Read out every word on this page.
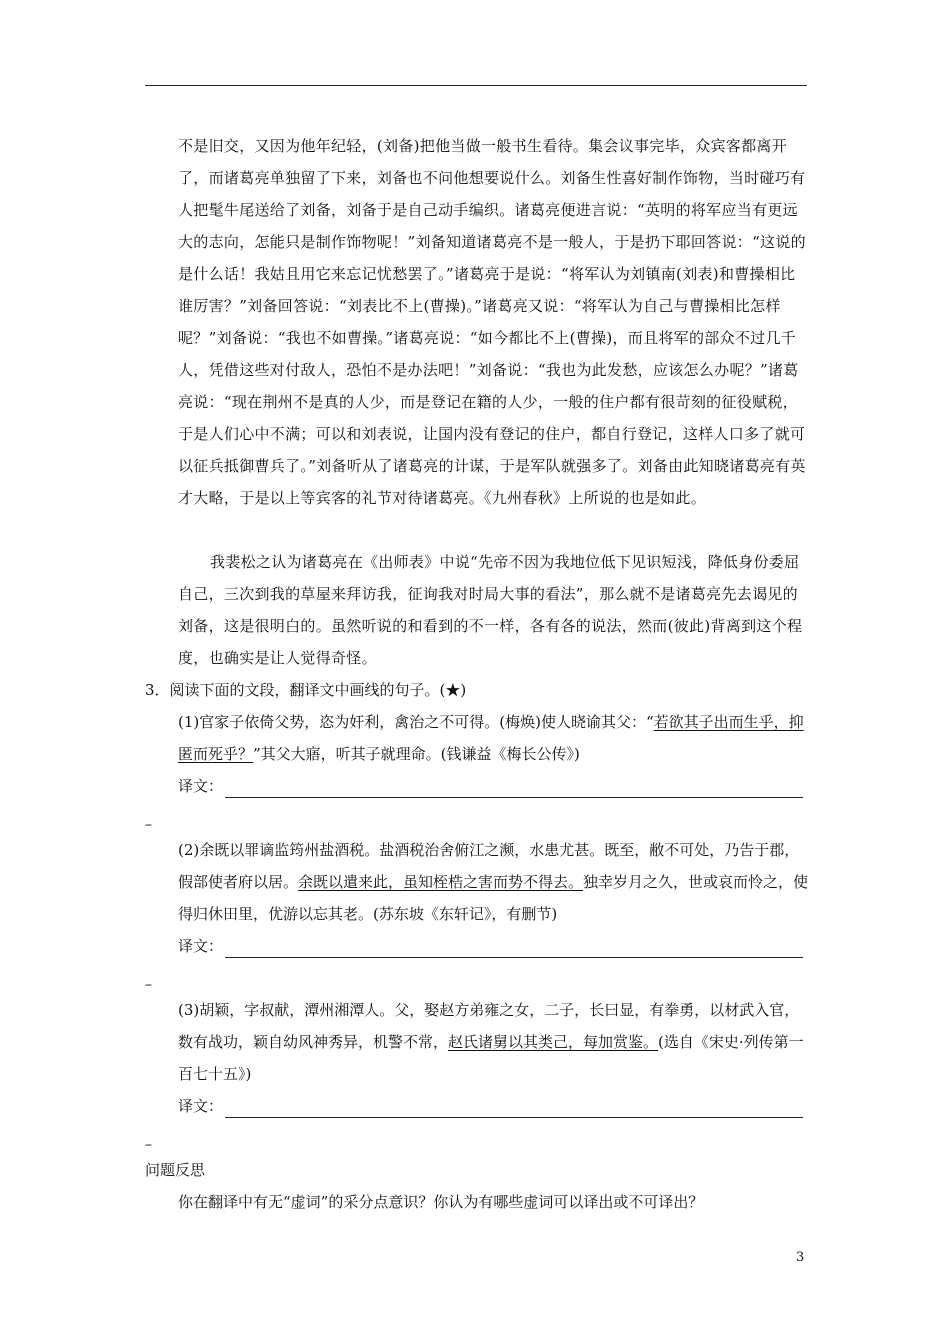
不是旧交，又因为他年纪轻，(刘备)把他当做一般书生看待。集会议事完毕，众宾客都离开了，而诸葛亮单独留了下来，刘备也不问他想要说什么。刘备生性喜好制作饰物，当时碰巧有人把髦牛尾送给了刘备，刘备于是自己动手编织。诸葛亮便进言说：“英明的将军应当有更远大的志向，怎能只是制作饰物呢！”刘备知道诸葛亮不是一般人，于是扔下耶回答说：“这说的是什么话！我姑且用它来忘记忧愁罢了。”诸葛亮于是说：“将军认为刘镇南(刘表)和曹操相比谁厉害？”刘备回答说：“刘表比不上(曹操)。”诸葛亮又说：“将军认为自己与曹操相比怎样呢？”刘备说：“我也不如曹操。”诸葛亮说：“如今都比不上(曹操)，而且将军的部众不过几千人，凭借这些对付敌人，恐怕不是办法吧！”刘备说：“我也为此发愁，应该怎么办呢？”诸葛亮说：“现在荆州不是真的人少，而是登记在籍的人少，一般的住户都有很苛刻的征役赋税，于是人们心中不满；可以和刘表说，让国内没有登记的住户，都自行登记，这样人口多了就可以征兵抵御曹兵了。”刘备听从了诸葛亮的计谋，于是军队就强多了。刘备由此知晓诸葛亮有英才大略，于是以上等宾客的礼节对待诸葛亮。《九州春秋》上所说的也是如此。

我裴松之认为诸葛亮在《出师表》中说“先帝不因为我地位低下见识短浅，降低身份委屈自己，三次到我的草屋来拜访我，征询我对时局大事的看法”，那么就不是诸葛亮先去谒见的刘备，这是很明白的。虽然听说的和看到的不一样，各有各的说法，然而(彼此)背离到这个程度，也确实是让人觉得奇怪。

3．阅读下面的文段，翻译文中画线的句子。(★)

(1)官家子依倚父势，恣为奸利，禽治之不可得。(梅焕)使人晓谕其父：“若欲其子出而生乎，抑匿而死乎？”其父大寤，听其子就理命。(钱谦益《梅长公传》)

译文：
–

(2)余既以罪谪监筠州盐酒税。盐酒税治舍俯江之濒，水患尤甚。既至，敝不可处，乃告于郡，假部使者府以居。余既以遣来此，虽知桎梏之害而势不得去。独幸岁月之久，世或哀而怜之，使得归休田里，优游以忘其老。(苏东坡《东轩记》，有删节)

译文：
–

(3)胡颖，字叔献，潭州湘潭人。父，娶赵方弟雍之女，二子，长曰显，有拳勇，以材武入官，数有战功，颖自幼风神秀异，机警不常，赵氏诸舅以其类己，每加赏鉴。(选自《宋史·列传第一百七十五》)

译文：
–
问题反思
你在翻译中有无“虚词”的采分点意识？你认为有哪些虚词可以译出或不可译出？
3
